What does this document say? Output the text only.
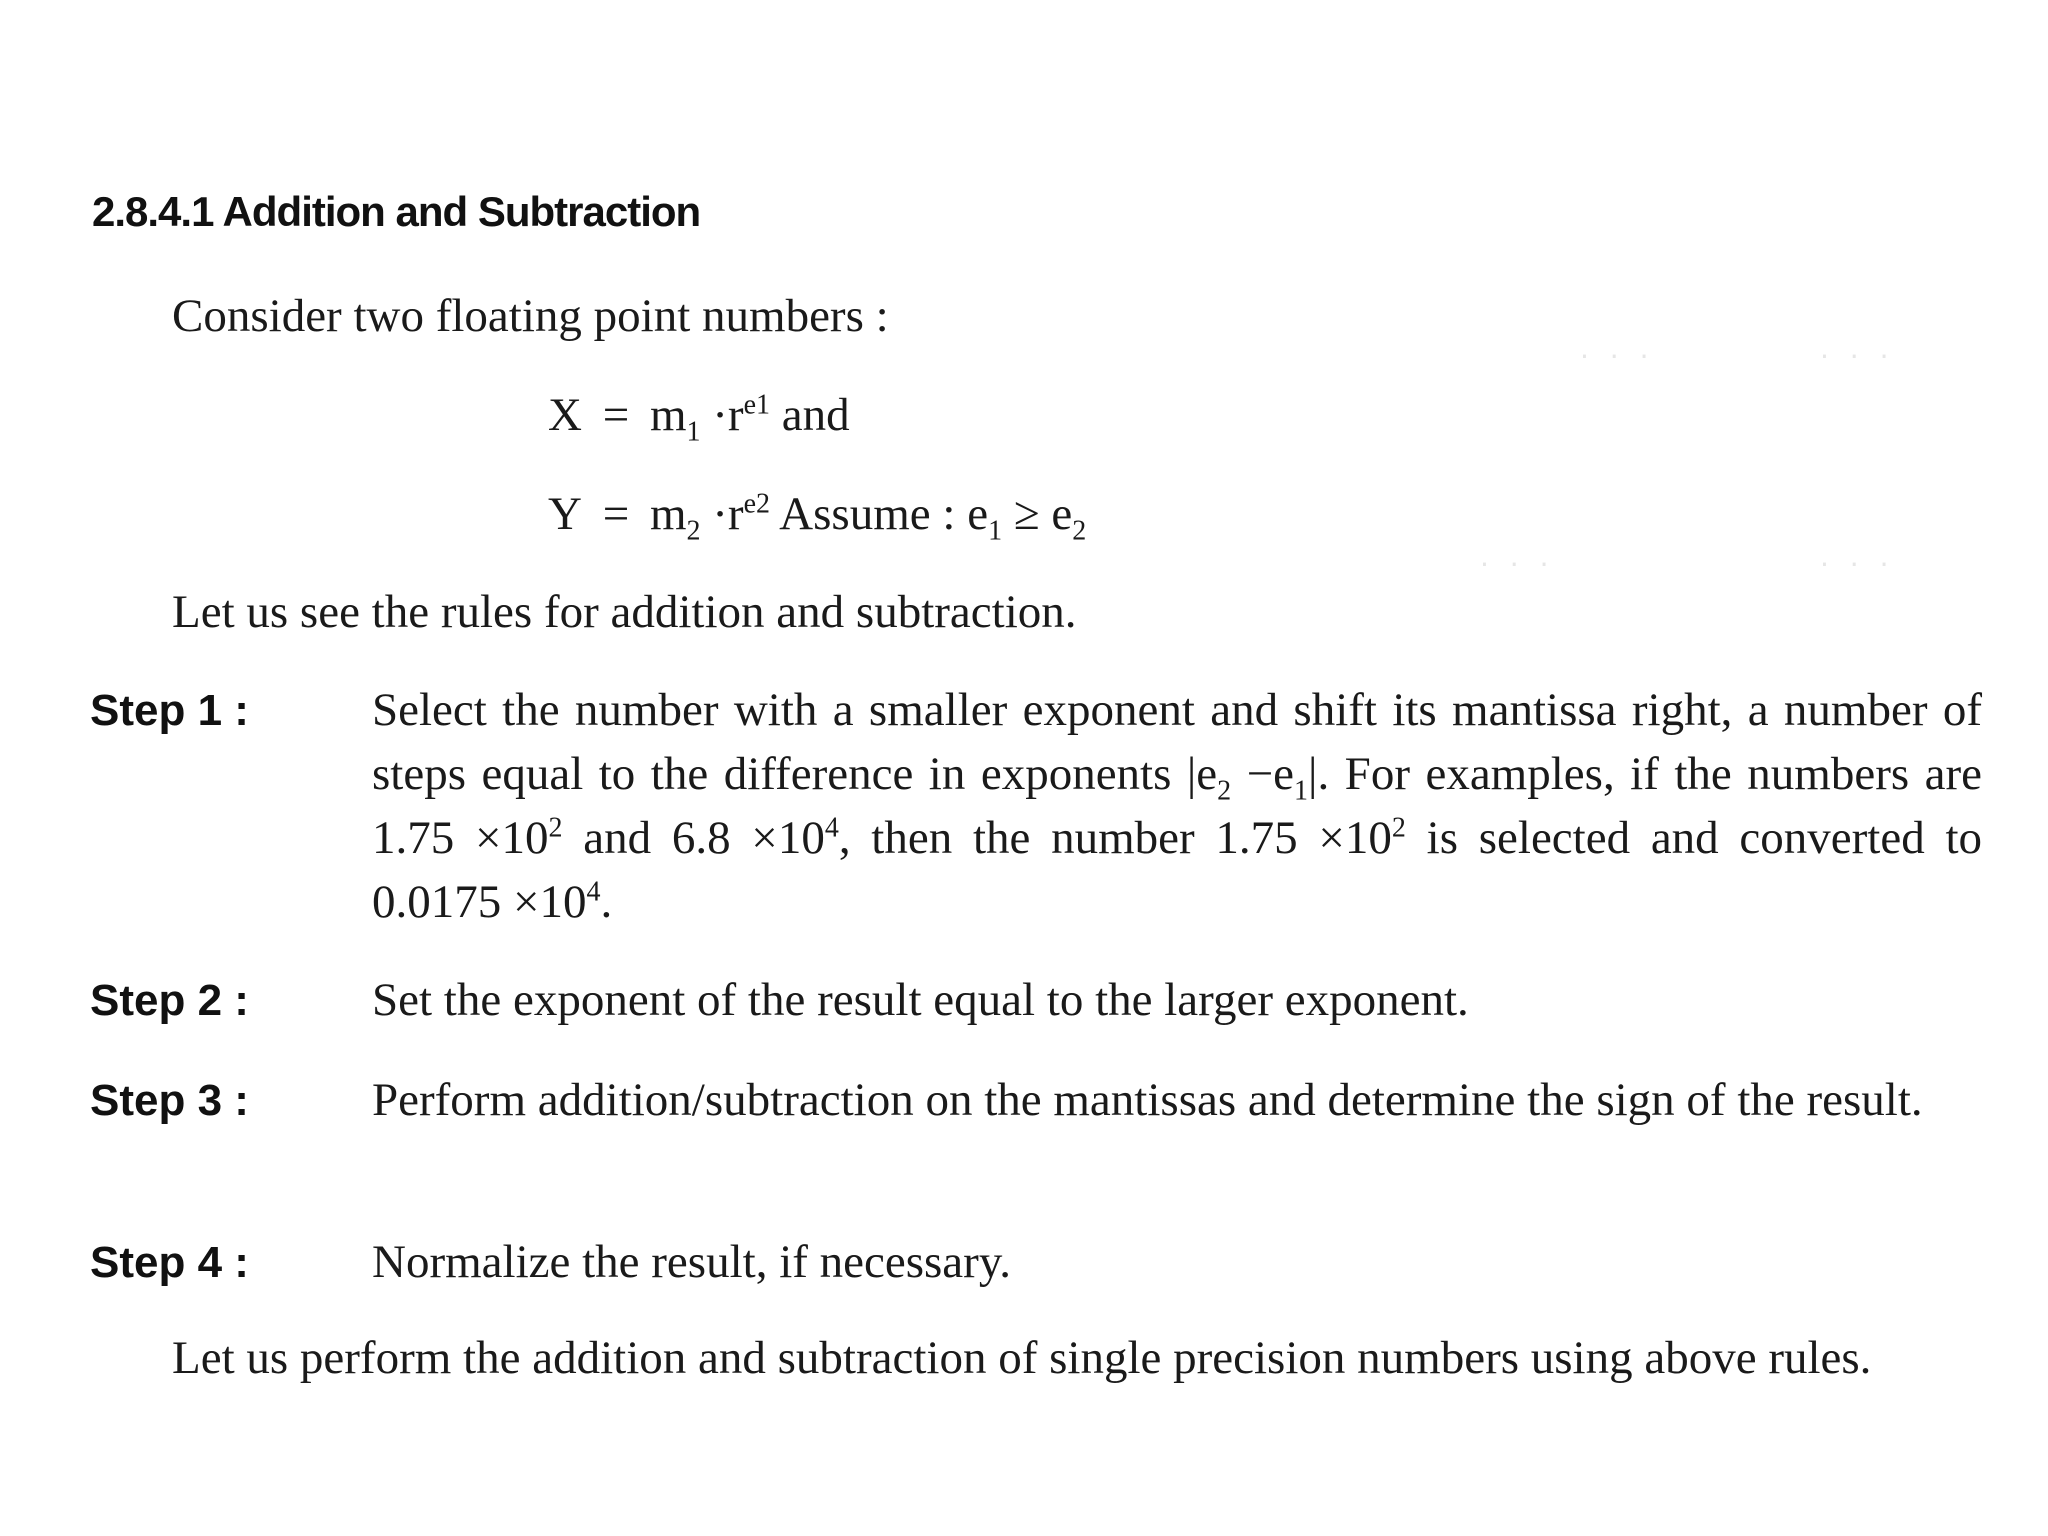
2.8.4.1 Addition and Subtraction
Consider two floating point numbers :
$X = m_1 \cdot r^{e1}$ and
$Y = m_2 \cdot r^{e2}$ Assume : $e_1 \ge e_2$
Let us see the rules for addition and subtraction.
Step 1 :	Select the number with a smaller exponent and shift its mantissa right, a number of steps equal to the difference in exponents $|e_2 -e_1|$. For examples, if the numbers are $1.75 \times 10^2$ and $6.8 \times 10^4$, then the number $1.75 \times 10^2$ is selected and converted to $0.0175 \times 10^4$.
Step 2 :	Set the exponent of the result equal to the larger exponent.
Step 3 :	Perform addition/subtraction on the mantissas and determine the sign of the result.
Step 4 :	Normalize the result, if necessary.
Let us perform the addition and subtraction of single precision numbers using above rules.
· · ·	· · ·
· · ·	· · ·
